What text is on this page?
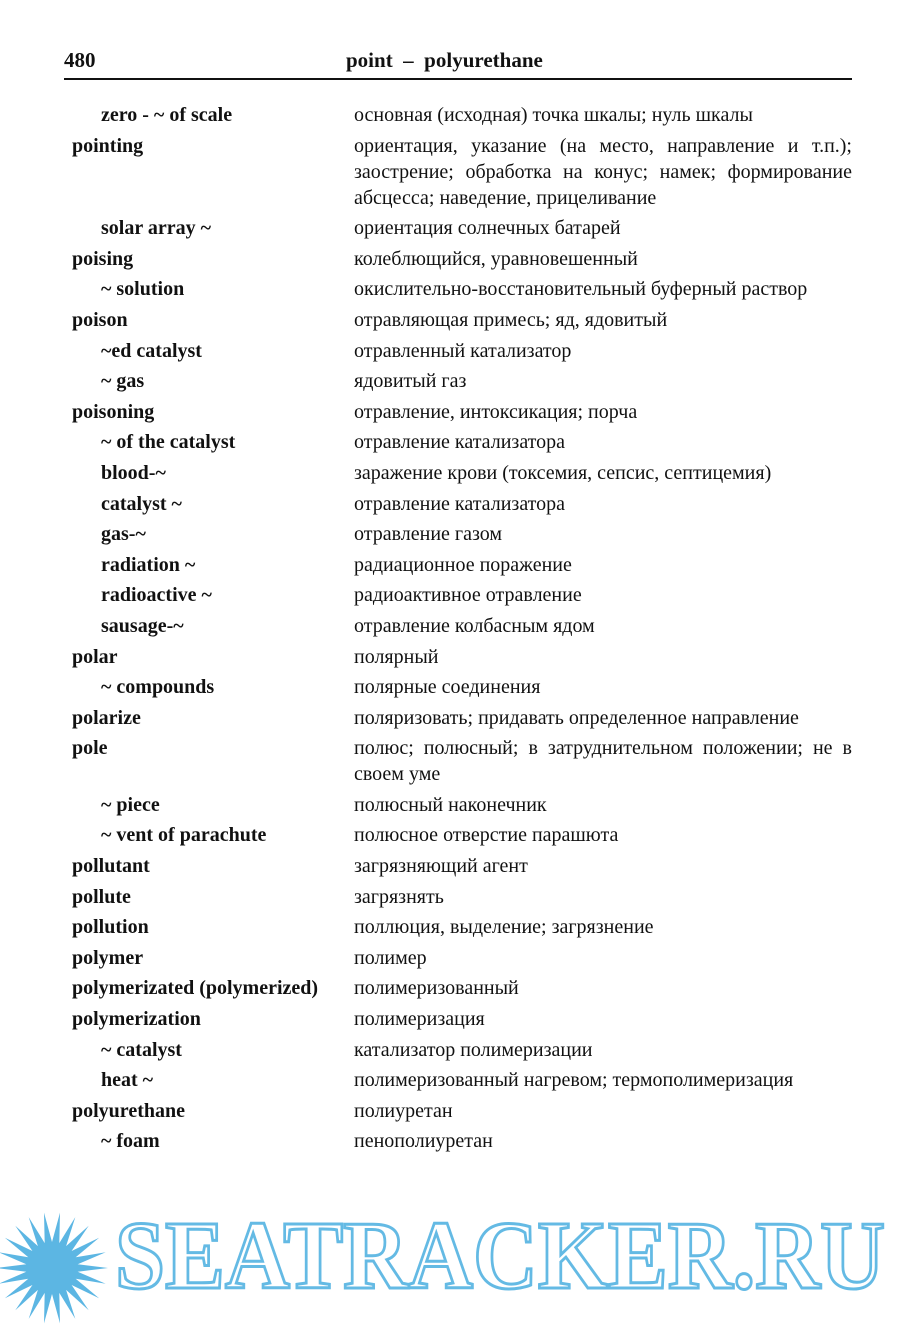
480	point  –  polyurethane
zero - ~ of scale	основная (исходная) точка шкалы; нуль шкалы
pointing	ориентация, указание (на место, направление и т.п.); заострение; обработка на конус; намек; формирование абсцесса; наведение, прицеливание
solar array ~	ориентация солнечных батарей
poising	колеблющийся, уравновешенный
~ solution	окислительно-восстановительный буферный раствор
poison	отравляющая примесь; яд, ядовитый
~ed catalyst	отравленный катализатор
~ gas	ядовитый газ
poisoning	отравление, интоксикация; порча
~ of the catalyst	отравление катализатора
blood-~	заражение крови (токсемия, сепсис, септицемия)
catalyst ~	отравление катализатора
gas-~	отравление газом
radiation ~	радиационное поражение
radioactive ~	радиоактивное отравление
sausage-~	отравление колбасным ядом
polar	полярный
~ compounds	полярные соединения
polarize	поляризовать; придавать определенное направление
pole	полюс; полюсный; в затруднительном положении; не в своем уме
~ piece	полюсный наконечник
~ vent of parachute	полюсное отверстие парашюта
pollutant	загрязняющий агент
pollute	загрязнять
pollution	поллюция, выделение; загрязнение
polymer	полимер
polymerizated (polymerized)	полимеризованный
polymerization	полимеризация
~ catalyst	катализатор полимеризации
heat ~	полимеризованный нагревом; термополимеризация
polyurethane	полиуретан
~ foam	пенополиуретан
SEATRACKER.RU
